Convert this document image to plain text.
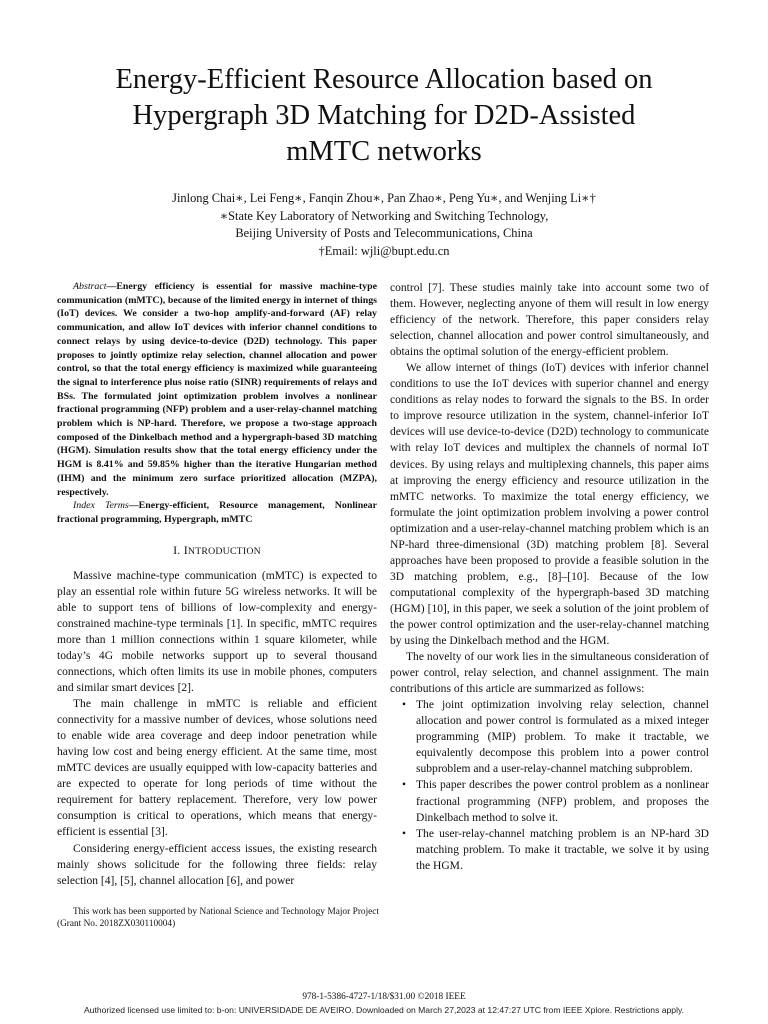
Energy-Efficient Resource Allocation based on
Hypergraph 3D Matching for D2D-Assisted
mMTC networks
Jinlong Chai∗, Lei Feng∗, Fanqin Zhou∗, Pan Zhao∗, Peng Yu∗, and Wenjing Li∗†
∗State Key Laboratory of Networking and Switching Technology,
Beijing University of Posts and Telecommunications, China
†Email: wjli@bupt.edu.cn

Abstract—Energy efficiency is essential for massive machine-type communication (mMTC), because of the limited energy in internet of things (IoT) devices. We consider a two-hop amplify-and-forward (AF) relay communication, and allow IoT devices with inferior channel conditions to connect relays by using device-to-device (D2D) technology. This paper proposes to jointly optimize relay selection, channel allocation and power control, so that the total energy efficiency is maximized while guaranteeing the signal to interference plus noise ratio (SINR) requirements of relays and BSs. The formulated joint optimization problem involves a nonlinear fractional programming (NFP) problem and a user-relay-channel matching problem which is NP-hard. Therefore, we propose a two-stage approach composed of the Dinkelbach method and a hypergraph-based 3D matching (HGM). Simulation results show that the total energy efficiency under the HGM is 8.41% and 59.85% higher than the iterative Hungarian method (IHM) and the minimum zero surface prioritized allocation (MZPA), respectively.

Index Terms—Energy-efficient, Resource management, Nonlinear fractional programming, Hypergraph, mMTC

I. INTRODUCTION

Massive machine-type communication (mMTC) is expected to play an essential role within future 5G wireless networks. It will be able to support tens of billions of low-complexity and energy-constrained machine-type terminals [1]. In specific, mMTC requires more than 1 million connections within 1 square kilometer, while today’s 4G mobile networks support up to several thousand connections, which often limits its use in mobile phones, computers and similar smart devices [2].

The main challenge in mMTC is reliable and efficient connectivity for a massive number of devices, whose solutions need to enable wide area coverage and deep indoor penetration while having low cost and being energy efficient. At the same time, most mMTC devices are usually equipped with low-capacity batteries and are expected to operate for long periods of time without the requirement for battery replacement. Therefore, very low power consumption is critical to operations, which means that energy-efficient is essential [3].

Considering energy-efficient access issues, the existing research mainly shows solicitude for the following three fields: relay selection [4], [5], channel allocation [6], and power

control [7]. These studies mainly take into account some two of them. However, neglecting anyone of them will result in low energy efficiency of the network. Therefore, this paper considers relay selection, channel allocation and power control simultaneously, and obtains the optimal solution of the energy-efficient problem.

We allow internet of things (IoT) devices with inferior channel conditions to use the IoT devices with superior channel and energy conditions as relay nodes to forward the signals to the BS. In order to improve resource utilization in the system, channel-inferior IoT devices will use device-to-device (D2D) technology to communicate with relay IoT devices and multiplex the channels of normal IoT devices. By using relays and multiplexing channels, this paper aims at improving the energy efficiency and resource utilization in the mMTC networks. To maximize the total energy efficiency, we formulate the joint optimization problem involving a power control optimization and a user-relay-channel matching problem which is an NP-hard three-dimensional (3D) matching problem [8]. Several approaches have been proposed to provide a feasible solution in the 3D matching problem, e.g., [8]–[10]. Because of the low computational complexity of the hypergraph-based 3D matching (HGM) [10], in this paper, we seek a solution of the joint problem of the power control optimization and the user-relay-channel matching by using the Dinkelbach method and the HGM.

The novelty of our work lies in the simultaneous consideration of power control, relay selection, and channel assignment. The main contributions of this article are summarized as follows:

• The joint optimization involving relay selection, channel allocation and power control is formulated as a mixed integer programming (MIP) problem. To make it tractable, we equivalently decompose this problem into a power control subproblem and a user-relay-channel matching subproblem.
• This paper describes the power control problem as a nonlinear fractional programming (NFP) problem, and proposes the Dinkelbach method to solve it.
• The user-relay-channel matching problem is an NP-hard 3D matching problem. To make it tractable, we solve it by using the HGM.
This work has been supported by National Science and Technology Major Project (Grant No. 2018ZX030110004)
978-1-5386-4727-1/18/$31.00 ©2018 IEEE
Authorized licensed use limited to: b-on: UNIVERSIDADE DE AVEIRO. Downloaded on March 27,2023 at 12:47:27 UTC from IEEE Xplore. Restrictions apply.
